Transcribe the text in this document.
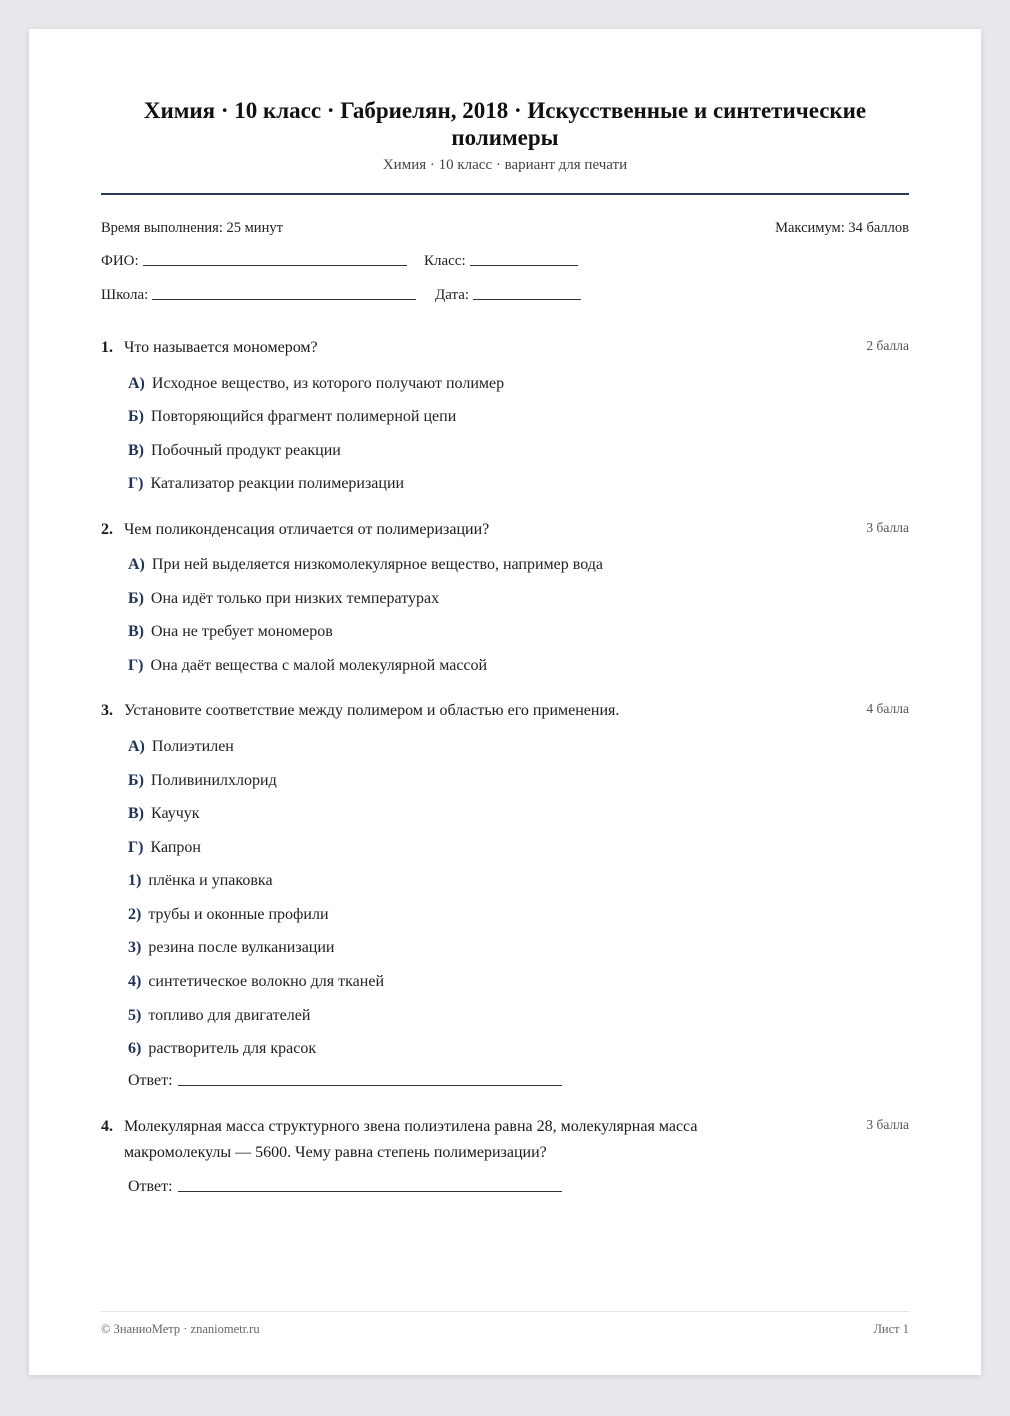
Химия · 10 класс · Габриелян, 2018 · Искусственные и синтетические полимеры
Химия · 10 класс · вариант для печати
Время выполнения: 25 минут	Максимум: 34 баллов
ФИО:	Класс:
Школа:	Дата:
1. Что называется мономером?	2 балла
А) Исходное вещество, из которого получают полимер
Б) Повторяющийся фрагмент полимерной цепи
В) Побочный продукт реакции
Г) Катализатор реакции полимеризации
2. Чем поликонденсация отличается от полимеризации?	3 балла
А) При ней выделяется низкомолекулярное вещество, например вода
Б) Она идёт только при низких температурах
В) Она не требует мономеров
Г) Она даёт вещества с малой молекулярной массой
3. Установите соответствие между полимером и областью его применения.	4 балла
А) Полиэтилен
Б) Поливинилхлорид
В) Каучук
Г) Капрон
1) плёнка и упаковка
2) трубы и оконные профили
3) резина после вулканизации
4) синтетическое волокно для тканей
5) топливо для двигателей
6) растворитель для красок
Ответ:
4. Молекулярная масса структурного звена полиэтилена равна 28, молекулярная масса макромолекулы — 5600. Чему равна степень полимеризации?
3 балла
Ответ:
© ЗнаниоМетр · znaniometr.ru	Лист 1
